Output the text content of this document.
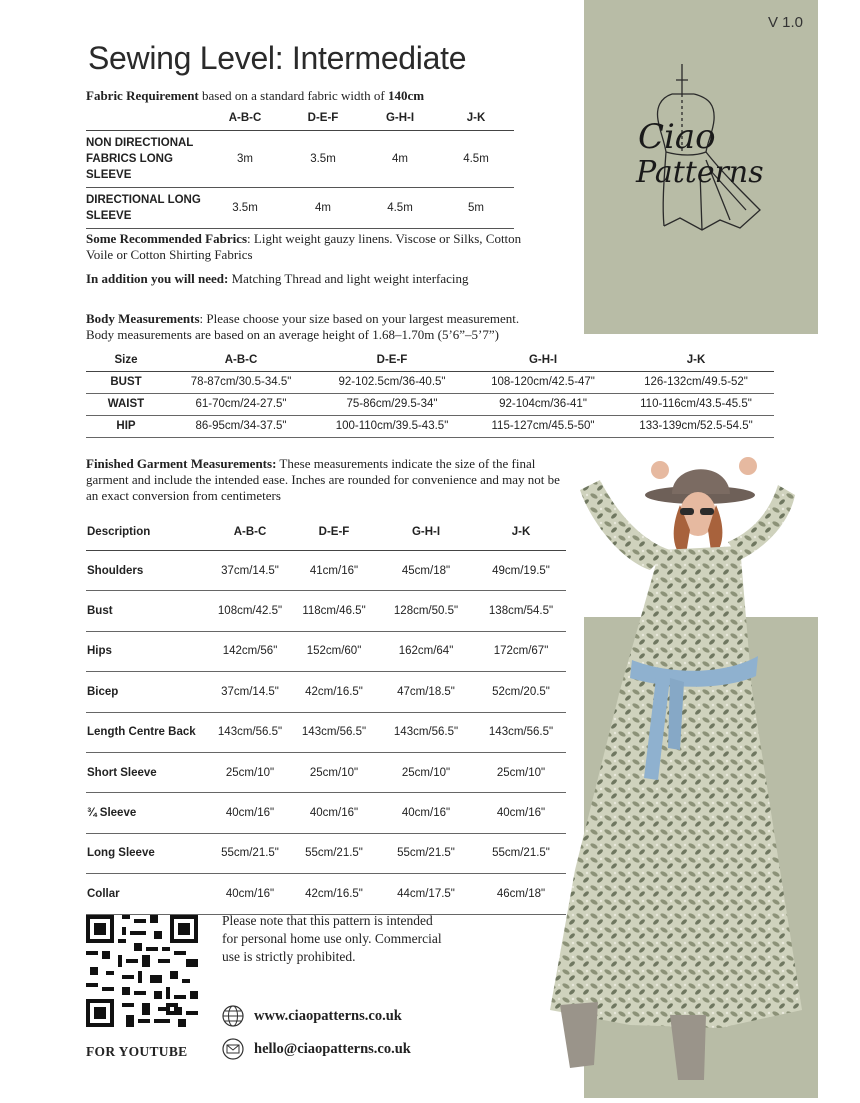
V 1.0
Ciao
Patterns
Sewing Level: Intermediate
Fabric Requirement based on a standard fabric width of 140cm
	A-B-C	D-E-F	G-H-I	J-K
NON DIRECTIONAL FABRICS LONG SLEEVE	3m	3.5m	4m	4.5m
DIRECTIONAL LONG SLEEVE	3.5m	4m	4.5m	5m
Some Recommended Fabrics: Light weight gauzy linens. Viscose or Silks, Cotton Voile or Cotton Shirting Fabrics
In addition you will need: Matching Thread and light weight interfacing
Body Measurements: Please choose your size based on your largest measurement.
Body measurements are based on an average height of 1.68–1.70m (5’6”–5’7”)
Size	A-B-C	D-E-F	G-H-I	J-K
BUST	78-87cm/30.5-34.5"	92-102.5cm/36-40.5"	108-120cm/42.5-47"	126-132cm/49.5-52"
WAIST	61-70cm/24-27.5"	75-86cm/29.5-34"	92-104cm/36-41"	110-116cm/43.5-45.5"
HIP	86-95cm/34-37.5"	100-110cm/39.5-43.5"	115-127cm/45.5-50"	133-139cm/52.5-54.5"
Finished Garment Measurements: These measurements indicate the size of the final garment and include the intended ease. Inches are rounded for convenience and may not be an exact conversion from centimeters
Description	A-B-C	D-E-F	G-H-I	J-K
Shoulders	37cm/14.5"	41cm/16"	45cm/18"	49cm/19.5"
Bust	108cm/42.5"	118cm/46.5"	128cm/50.5"	138cm/54.5"
Hips	142cm/56"	152cm/60"	162cm/64"	172cm/67"
Bicep	37cm/14.5"	42cm/16.5"	47cm/18.5"	52cm/20.5"
Length Centre Back	143cm/56.5"	143cm/56.5"	143cm/56.5"	143cm/56.5"
Short Sleeve	25cm/10"	25cm/10"	25cm/10"	25cm/10"
¾ Sleeve	40cm/16"	40cm/16"	40cm/16"	40cm/16"
Long Sleeve	55cm/21.5"	55cm/21.5"	55cm/21.5"	55cm/21.5"
Collar	40cm/16"	42cm/16.5"	44cm/17.5"	46cm/18"
FOR YOUTUBE
Please note that this pattern is intended for personal home use only. Commercial use is strictly prohibited.
www.ciaopatterns.co.uk
hello@ciaopatterns.co.uk
